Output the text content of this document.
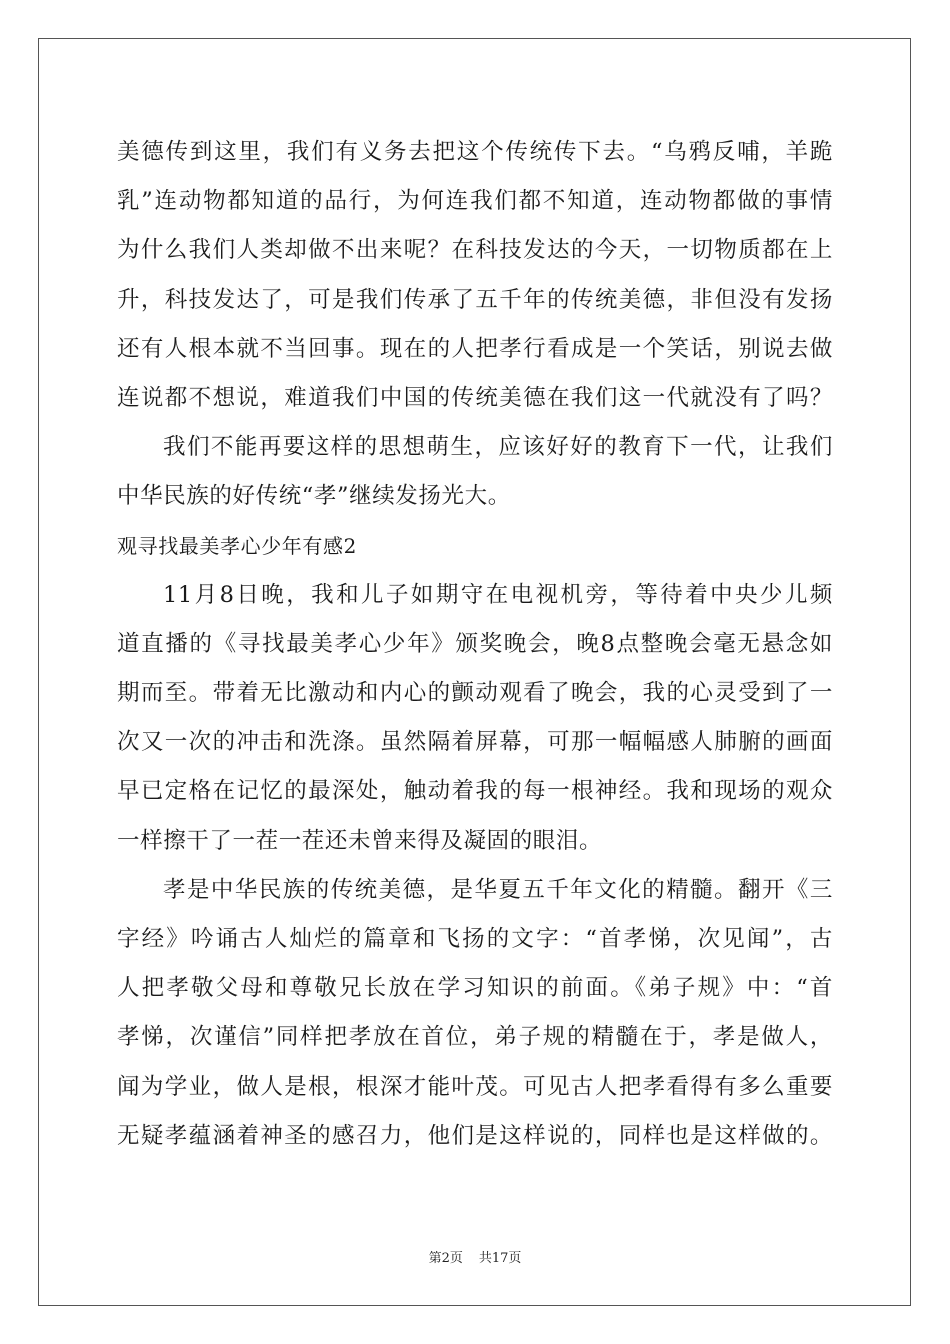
美德传到这里，我们有义务去把这个传统传下去。“乌鸦反哺，羊跪
乳”连动物都知道的品行，为何连我们都不知道，连动物都做的事情
为什么我们人类却做不出来呢？在科技发达的今天，一切物质都在上
升，科技发达了，可是我们传承了五千年的传统美德，非但没有发扬
还有人根本就不当回事。现在的人把孝行看成是一个笑话，别说去做
连说都不想说，难道我们中国的传统美德在我们这一代就没有了吗？
我们不能再要这样的思想萌生，应该好好的教育下一代，让我们
中华民族的好传统“孝”继续发扬光大。
观寻找最美孝心少年有感2
11月8日晚，我和儿子如期守在电视机旁，等待着中央少儿频
道直播的《寻找最美孝心少年》颁奖晚会，晚8点整晚会毫无悬念如
期而至。带着无比激动和内心的颤动观看了晚会，我的心灵受到了一
次又一次的冲击和洗涤。虽然隔着屏幕，可那一幅幅感人肺腑的画面
早已定格在记忆的最深处，触动着我的每一根神经。我和现场的观众
一样擦干了一茬一茬还未曾来得及凝固的眼泪。
孝是中华民族的传统美德，是华夏五千年文化的精髓。翻开《三
字经》吟诵古人灿烂的篇章和飞扬的文字：“首孝悌，次见闻”，古
人把孝敬父母和尊敬兄长放在学习知识的前面。《弟子规》中：“首
孝悌，次谨信”同样把孝放在首位，弟子规的精髓在于，孝是做人，
闻为学业，做人是根，根深才能叶茂。可见古人把孝看得有多么重要
无疑孝蕴涵着神圣的感召力，他们是这样说的，同样也是这样做的。
第2页 共17页
